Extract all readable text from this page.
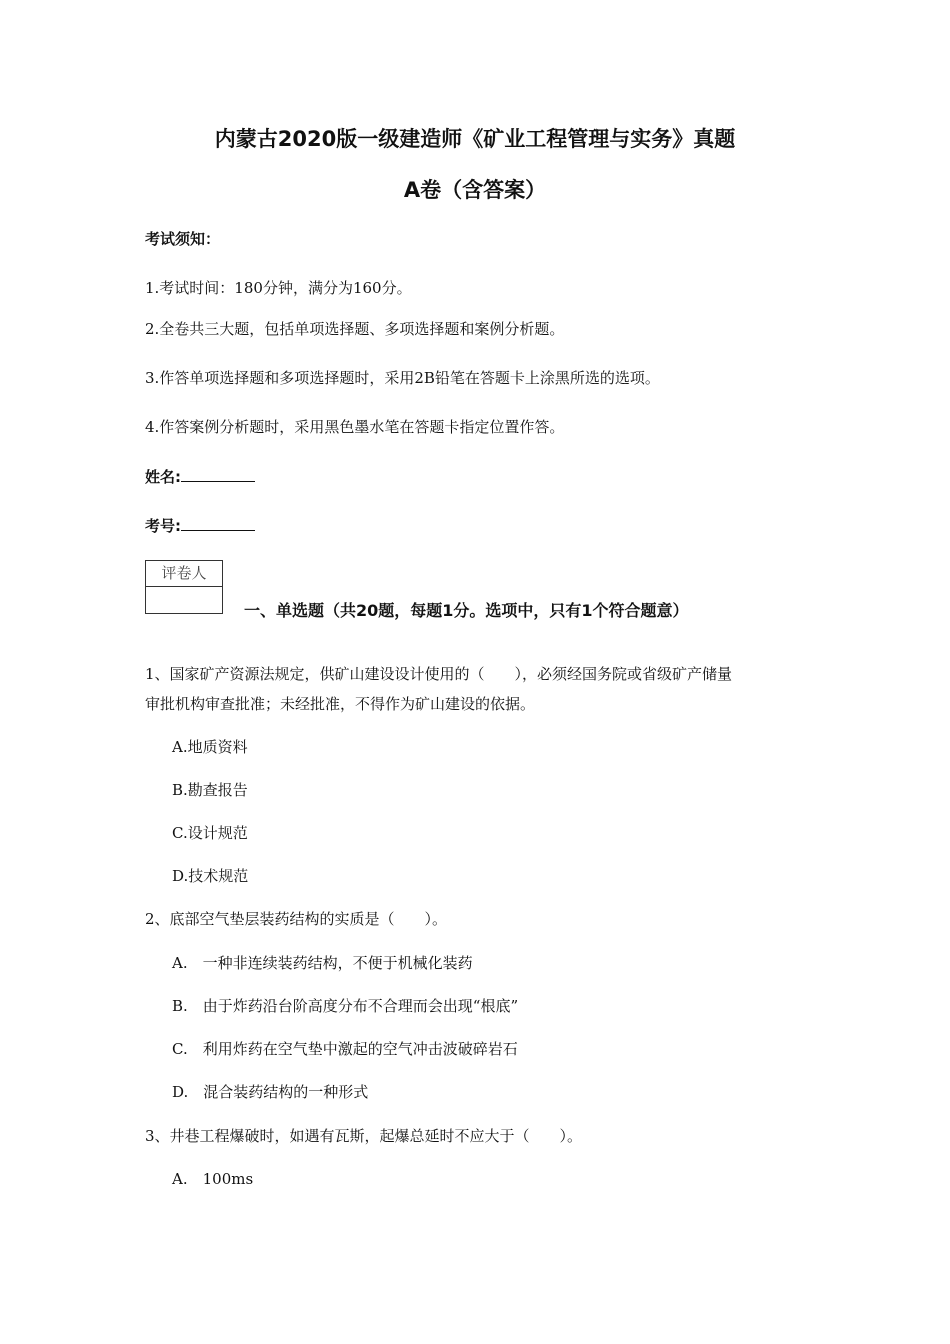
内蒙古2020版一级建造师《矿业工程管理与实务》真题
A卷（含答案）
考试须知：
1.考试时间：180分钟，满分为160分。
2.全卷共三大题，包括单项选择题、多项选择题和案例分析题。
3.作答单项选择题和多项选择题时，采用2B铅笔在答题卡上涂黑所选的选项。
4.作答案例分析题时，采用黑色墨水笔在答题卡指定位置作答。
姓名:
考号:
评卷人
一、单选题（共20题，每题1分。选项中，只有1个符合题意）
1、国家矿产资源法规定，供矿山建设设计使用的（　　），必须经国务院或省级矿产储量
审批机构审查批准；未经批准，不得作为矿山建设的依据。
A.地质资料
B.勘查报告
C.设计规范
D.技术规范
2、底部空气垫层装药结构的实质是（　　）。
A.　一种非连续装药结构，不便于机械化装药
B.　由于炸药沿台阶高度分布不合理而会出现“根底”
C.　利用炸药在空气垫中激起的空气冲击波破碎岩石
D.　混合装药结构的一种形式
3、井巷工程爆破时，如遇有瓦斯，起爆总延时不应大于（　　）。
A.　100ms
